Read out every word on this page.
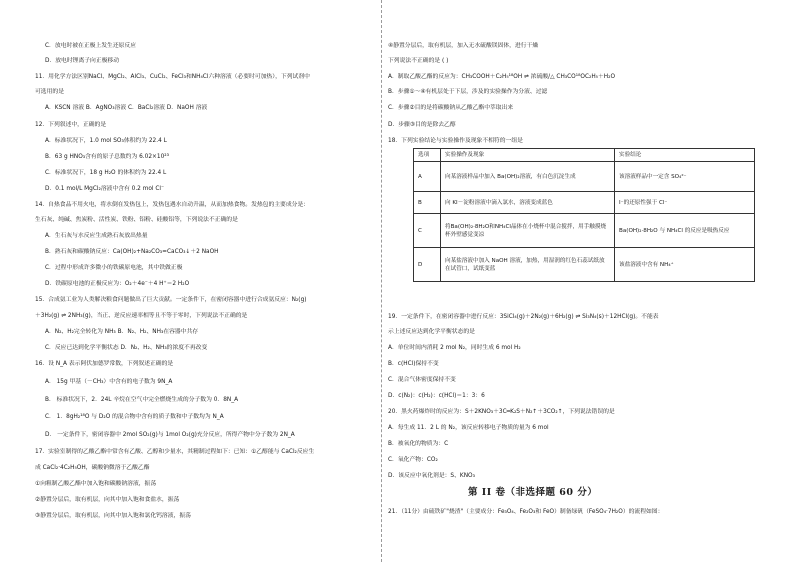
C．放电时被在正极上发生还原反应
D．放电时锂离子向正极移动
11．用化学方法区别NaCl、MgCl₂、AlCl₃、CuCl₂、FeCl₃和NH₄Cl六种溶液（必要时可加热），下列试剂中
可选用的是
A．KSCN 溶液 B．AgNO₃溶液 C．BaCl₂溶液 D．NaOH 溶液
12．下列叙述中，正确的是
A．标准状况下，1.0 mol SO₃体积约为 22.4 L
B．63 g HNO₃含有的原子总数约为 6.02×10²³
C．标准状况下，18 g H₂O 的体积约为 22.4 L
D．0.1 mol/L MgCl₂溶液中含有 0.2 mol Cl⁻
14．自热食品不用火电，将水倒在发热包上，发热包遇水自动升温，从而加热食物。发热包的主要成分是：
生石灰、纯碱、焦炭粉、活性炭、铁粉、铝粉、硅酸铝等，下列说法不正确的是
A．生石灰与水反应生成熟石灰放出热量
B．熟石灰和碳酸钠反应：Ca(OH)₂+Na₂CO₃=CaCO₃↓＋2 NaOH
C．过程中形成许多微小的铁碳原电池，其中铁做正极
D．铁碳原电池的正极反应为：O₂＋4e⁻＋4 H⁺＝2 H₂O
15．合成氨工业为人类解决粮食问题做出了巨大贡献。一定条件下，在密闭容器中进行合成氨反应：N₂(g)
＋3H₂(g) ⇌ 2NH₃(g)，当正、逆反应速率相等且不等于零时，下列说法不正确的是
A．N₂、H₂完全转化为 NH₃ B．N₂、H₂、NH₃在容器中共存
C．反应已达到化学平衡状态 D．N₂、H₂、NH₃的浓度不再改变
16．设 N_A 表示阿伏加德罗常数，下列叙述正确的是
A． 15g 甲基（－CH₃）中含有的电子数为 9N_A
B． 标准状况下，2．24L 辛烷在空气中完全燃烧生成的分子数为 0．8N_A
C． 1．8gH₂¹⁸O 与 D₂O 的混合物中含有的质子数和中子数均为 N_A
D． 一定条件下，密闭容器中 2mol SO₂(g)与 1mol O₂(g)充分反应，所得产物中分子数为 2N_A
17．实验室制得的乙酸乙酯中常含有乙酸、乙醇和少量水，其精制过程如下：已知：①乙醇能与 CaCl₂反应生
成 CaCl₂·4C₂H₅OH，碳酸钠微溶于乙酸乙酯
①向粗制乙酸乙酯中加入饱和碳酸钠溶液，振荡
②静置分层后，取有机层，向其中加入饱和食盐水，振荡
③静置分层后，取有机层，向其中加入饱和氯化钙溶液，振荡
选项	实验操作及现象	实验结论
A	向某溶液样品中加入 Ba(OH)₂溶液，有白色沉淀生成	该溶液样品中一定含 SO₄²⁻
B	向 KI－淀粉溶液中滴入氯水，溶液变成蓝色	I⁻的还原性强于 Cl⁻
C	将Ba(OH)₂·8H₂O和NH₄Cl晶体在小烧杯中混合搅拌，用手触摸烧杯外壁感觉变凉	Ba(OH)₂·8H₂O 与 NH₄Cl 的反应是吸热反应
D	向某盐溶液中加入 NaOH 溶液，加热，用湿润的红色石蕊试纸放在试管口，试纸变蓝	该盐溶液中含有 NH₄⁺
第 II 卷（非选择题 60 分）
④静置分层后，取有机层，加入无水硫酸镁固体，进行干燥
下列说法不正确的是 ( )
A．制取乙酸乙酯的反应为：CH₃COOH＋C₂H₅¹⁸OH ⇌ 浓硫酸/△ CH₃CO¹⁸OC₂H₅＋H₂O
B．步骤①～④有机层处于下层，涉及的实验操作为分液、过滤
C．步骤②目的是将碳酸钠从乙酸乙酯中萃取出来
D．步骤③目的是除去乙醇
18．下列实验结论与实验操作及现象不相符的一组是
19．一定条件下，在密闭容器中进行反应：3SiCl₄(g)＋2N₂(g)＋6H₂(g) ⇌ Si₃N₄(s)＋12HCl(g)。不能表
示上述反应达到化学平衡状态的是
A．单位时间内消耗 2 mol N₂，同时生成 6 mol H₂
B．c(HCl)保持不变
C．混合气体密度保持不变
D．c(N₂)：c(H₂)：c(HCl)＝1：3：6
20．黑火药爆炸时的反应为：S＋2KNO₃＋3C═K₂S＋N₂↑＋3CO₂↑，下列说法错误的是
A．每生成 11．2 L 的 N₂，该反应转移电子物质的量为 6 mol
B．被氧化的物质为：C
C．氧化产物：CO₂
D．该反应中氧化剂是：S、KNO₃
21．（11分）由硫铁矿"烧渣"（主要成分：Fe₃O₄、Fe₂O₃和 FeO）制备绿矾（FeSO₄·7H₂O）的流程如图：
